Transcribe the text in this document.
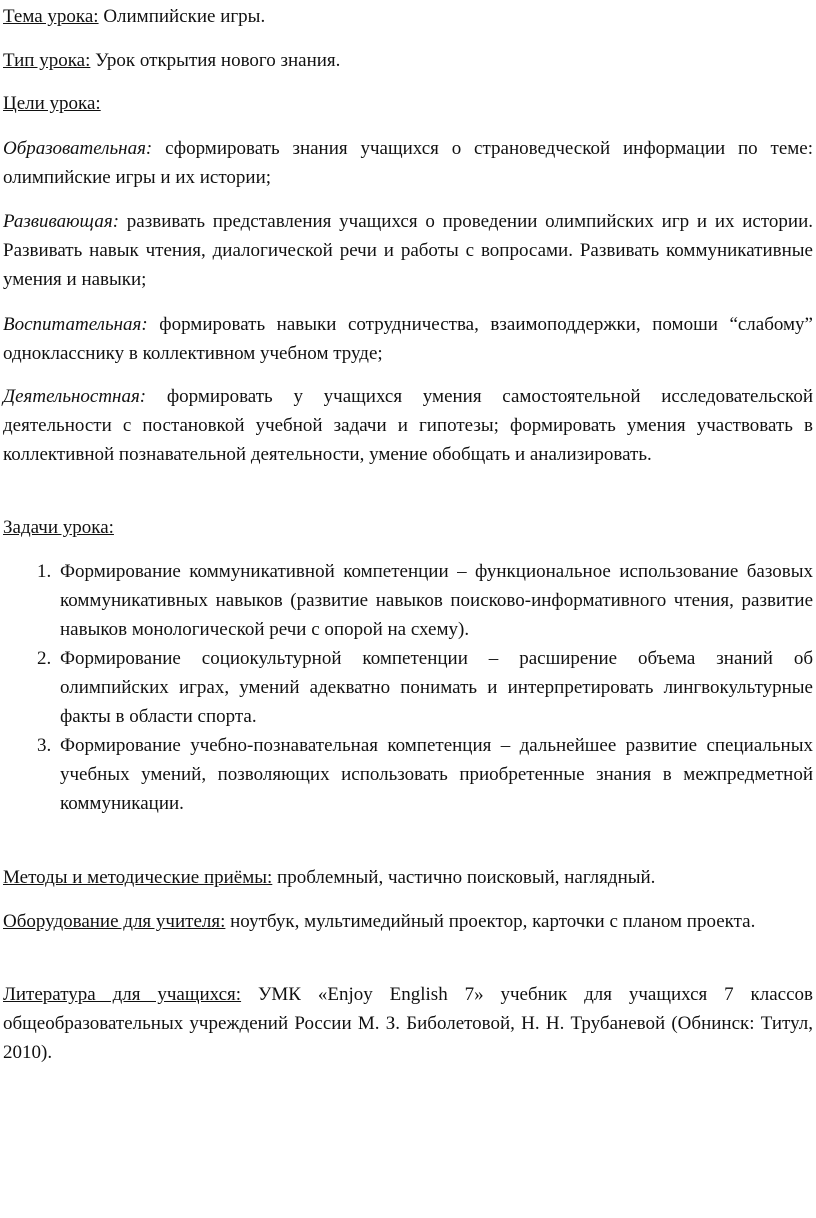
Тема урока: Олимпийские игры.

Тип урока: Урок открытия нового знания.

Цели урока:

Образовательная: сформировать знания учащихся о страноведческой информации по теме: олимпийские игры и их истории;

Развивающая: развивать представления учащихся о проведении олимпийских игр и их истории. Развивать навык чтения, диалогической речи и работы с вопросами. Развивать коммуникативные умения и навыки;

Воспитательная: формировать навыки сотрудничества, взаимоподдержки, помоши “слабому” однокласснику в коллективном учебном труде;

Деятельностная: формировать у учащихся умения самостоятельной исследовательской деятельности с постановкой учебной задачи и гипотезы; формировать умения участвовать в коллективной познавательной деятельности, умение обобщать и анализировать.

Задачи урока:

1. Формирование коммуникативной компетенции – функциональное использование базовых коммуникативных навыков (развитие навыков поисково-информативного чтения, развитие навыков монологической речи с опорой на схему).
2. Формирование социокультурной компетенции – расширение объема знаний об олимпийских играх, умений адекватно понимать и интерпретировать лингвокультурные факты в области спорта.
3. Формирование учебно-познавательная компетенция – дальнейшее развитие специальных учебных умений, позволяющих использовать приобретенные знания в межпредметной коммуникации.

Методы и методические приёмы: проблемный, частично поисковый, наглядный.

Оборудование для учителя: ноутбук, мультимедийный проектор, карточки с планом проекта.

Литература для учащихся: УМК «Enjoy English 7» учебник для учащихся 7 классов общеобразовательных учреждений России М. З. Биболетовой, Н. Н. Трубаневой (Обнинск: Титул, 2010).
